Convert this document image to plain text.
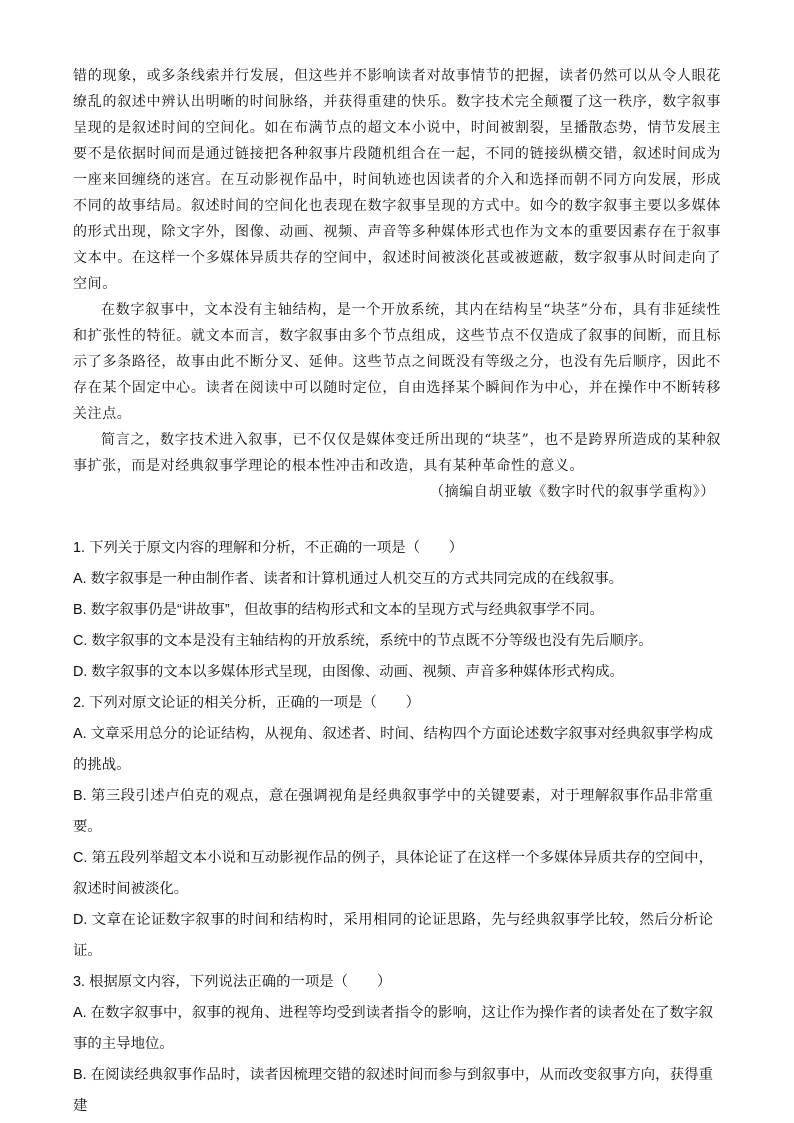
错的现象，或多条线索并行发展，但这些并不影响读者对故事情节的把握，读者仍然可以从令人眼花缭乱的叙述中辨认出明晰的时间脉络，并获得重建的快乐。数字技术完全颠覆了这一秩序，数字叙事呈现的是叙述时间的空间化。如在布满节点的超文本小说中，时间被割裂，呈播散态势，情节发展主要不是依据时间而是通过链接把各种叙事片段随机组合在一起，不同的链接纵横交错，叙述时间成为一座来回缠绕的迷宫。在互动影视作品中，时间轨迹也因读者的介入和选择而朝不同方向发展，形成不同的故事结局。叙述时间的空间化也表现在数字叙事呈现的方式中。如今的数字叙事主要以多媒体的形式出现，除文字外，图像、动画、视频、声音等多种媒体形式也作为文本的重要因素存在于叙事文本中。在这样一个多媒体异质共存的空间中，叙述时间被淡化甚或被遮蔽，数字叙事从时间走向了空间。

在数字叙事中，文本没有主轴结构，是一个开放系统，其内在结构呈“块茎”分布，具有非延续性和扩张性的特征。就文本而言，数字叙事由多个节点组成，这些节点不仅造成了叙事的间断，而且标示了多条路径，故事由此不断分叉、延伸。这些节点之间既没有等级之分，也没有先后顺序，因此不存在某个固定中心。读者在阅读中可以随时定位，自由选择某个瞬间作为中心，并在操作中不断转移关注点。

简言之，数字技术进入叙事，已不仅仅是媒体变迁所出现的“块茎”，也不是跨界所造成的某种叙事扩张，而是对经典叙事学理论的根本性冲击和改造，具有某种革命性的意义。

（摘编自胡亚敏《数字时代的叙事学重构》）

1. 下列关于原文内容的理解和分析，不正确的一项是（　　）

A. 数字叙事是一种由制作者、读者和计算机通过人机交互的方式共同完成的在线叙事。

B. 数字叙事仍是“讲故事”，但故事的结构形式和文本的呈现方式与经典叙事学不同。

C. 数字叙事的文本是没有主轴结构的开放系统，系统中的节点既不分等级也没有先后顺序。

D. 数字叙事的文本以多媒体形式呈现，由图像、动画、视频、声音多种媒体形式构成。

2. 下列对原文论证的相关分析，正确的一项是（　　）

A. 文章采用总分的论证结构，从视角、叙述者、时间、结构四个方面论述数字叙事对经典叙事学构成的挑战。

B. 第三段引述卢伯克的观点，意在强调视角是经典叙事学中的关键要素，对于理解叙事作品非常重要。

C. 第五段列举超文本小说和互动影视作品的例子，具体论证了在这样一个多媒体异质共存的空间中，叙述时间被淡化。

D. 文章在论证数字叙事的时间和结构时，采用相同的论证思路，先与经典叙事学比较，然后分析论证。

3. 根据原文内容，下列说法正确的一项是（　　）

A. 在数字叙事中，叙事的视角、进程等均受到读者指令的影响，这让作为操作者的读者处在了数字叙事的主导地位。

B. 在阅读经典叙事作品时，读者因梳理交错的叙述时间而参与到叙事中，从而改变叙事方向，获得重建
